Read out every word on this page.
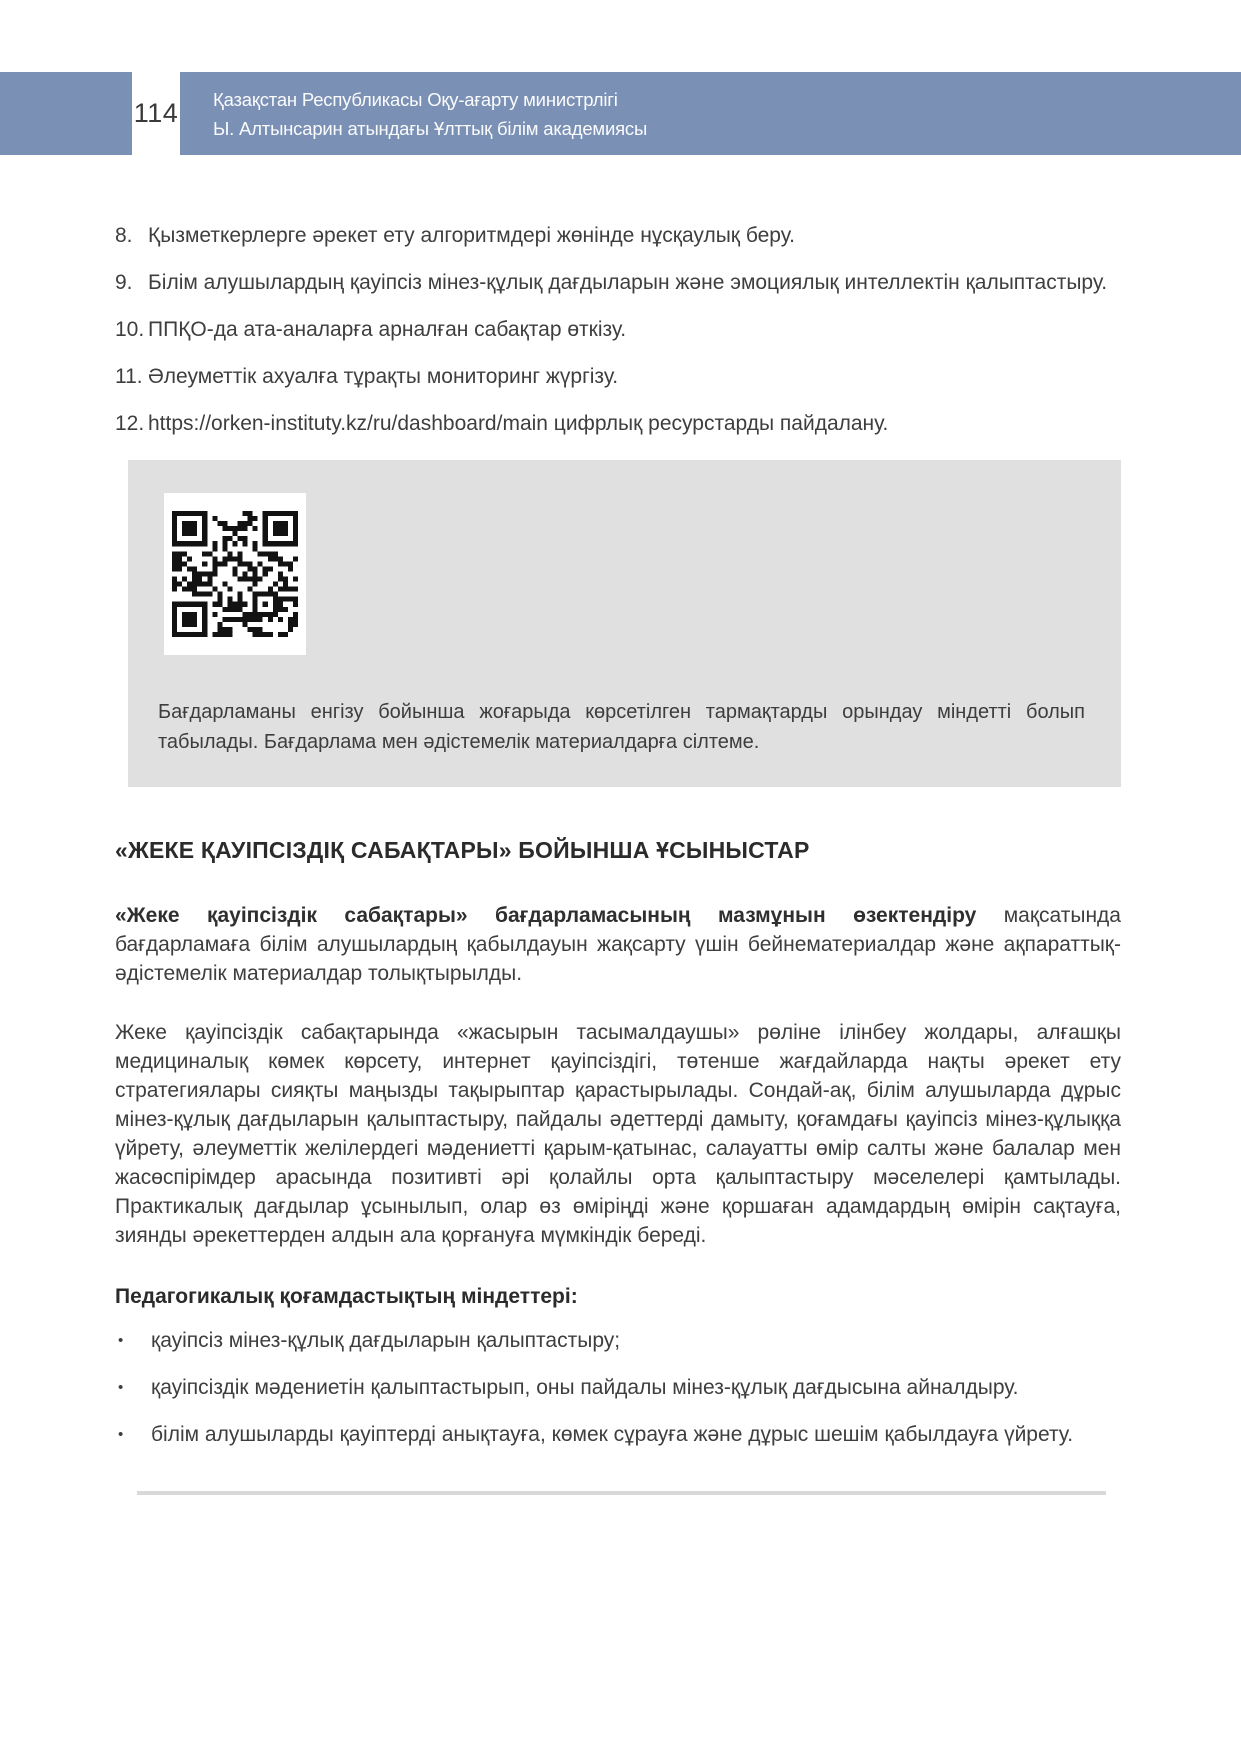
114 Қазақстан Республикасы Оқу-ағарту министрлігі
Ы. Алтынсарин атындағы Ұлттық білім академиясы
8. Қызметкерлерге әрекет ету алгоритмдері жөнінде нұсқаулық беру.
9. Білім алушылардың қауіпсіз мінез-құлық дағдыларын және эмоциялық интеллектін қалыптастыру.
10. ППҚО-да ата-аналарға арналған сабақтар өткізу.
11. Әлеуметтік ахуалға тұрақты мониторинг жүргізу.
12. https://orken-instituty.kz/ru/dashboard/main цифрлық ресурстарды пайдалану.

Бағдарламаны енгізу бойынша жоғарыда көрсетілген тармақтарды орындау міндетті болып табылады. Бағдарлама мен әдістемелік материалдарға сілтеме.

«ЖЕКЕ ҚАУІПСІЗДІҚ САБАҚТАРЫ» БОЙЫНША ҰСЫНЫСТАР

«Жеке қауіпсіздік сабақтары» бағдарламасының мазмұнын өзектендіру мақсатында бағдарламаға білім алушылардың қабылдауын жақсарту үшін бейнематериалдар және ақпараттық-әдістемелік материалдар толықтырылды.

Жеке қауіпсіздік сабақтарында «жасырын тасымалдаушы» рөліне ілінбеу жолдары, алғашқы медициналық көмек көрсету, интернет қауіпсіздігі, төтенше жағдайларда нақты әрекет ету стратегиялары сияқты маңызды тақырыптар қарастырылады. Сондай-ақ, білім алушыларда дұрыс мінез-құлық дағдыларын қалыптастыру, пайдалы әдеттерді дамыту, қоғамдағы қауіпсіз мінез-құлыққа үйрету, әлеуметтік желілердегі мәдениетті қарым-қатынас, салауатты өмір салты және балалар мен жасөспірімдер арасында позитивті әрі қолайлы орта қалыптастыру мәселелері қамтылады. Практикалық дағдылар ұсынылып, олар өз өміріңді және қоршаған адамдардың өмірін сақтауға, зиянды әрекеттерден алдын ала қорғануға мүмкіндік береді.

Педагогикалық қоғамдастықтың міндеттері:
•	қауіпсіз мінез-құлық дағдыларын қалыптастыру;
•	қауіпсіздік мәдениетін қалыптастырып, оны пайдалы мінез-құлық дағдысына айналдыру.
•	білім алушыларды қауіптерді анықтауға, көмек сұрауға және дұрыс шешім қабылдауға үйрету.
